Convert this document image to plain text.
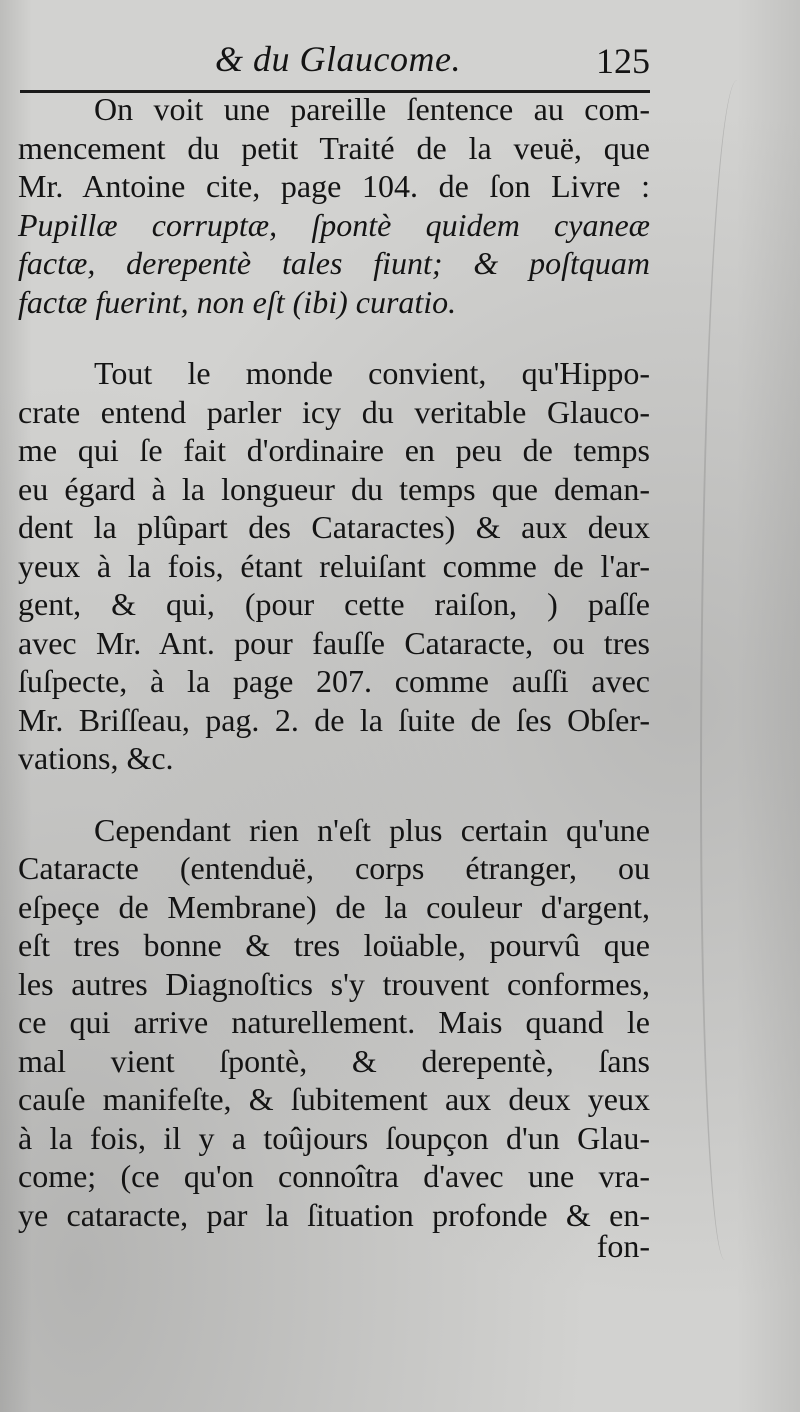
& du Glaucome.	125
On voit une pareille ſentence au com-
mencement du petit Traité de la veuë, que
Mr. Antoine cite, page 104. de ſon Livre :
Pupillæ corruptæ, ſpontè quidem cyaneæ
factæ, derepentè tales fiunt; & poſtquam
factæ fuerint, non eſt (ibi) curatio.
Tout le monde convient, qu'Hippo-
crate entend parler icy du veritable Glauco-
me qui ſe fait d'ordinaire en peu de temps
eu égard à la longueur du temps que deman-
dent la plûpart des Cataractes) & aux deux
yeux à la fois, étant reluiſant comme de l'ar-
gent, & qui, (pour cette raiſon, ) paſſe
avec Mr. Ant. pour fauſſe Cataracte, ou tres
ſuſpecte, à la page 207. comme auſſi avec
Mr. Briſſeau, pag. 2. de la ſuite de ſes Obſer-
vations, &c.
Cependant rien n'eſt plus certain qu'une
Cataracte (entenduë, corps étranger, ou
eſpeçe de Membrane) de la couleur d'argent,
eſt tres bonne & tres loüable, pourvû que
les autres Diagnoſtics s'y trouvent conformes,
ce qui arrive naturellement. Mais quand le
mal vient ſpontè, & derepentè, ſans
cauſe manifeſte, & ſubitement aux deux yeux
à la fois, il y a toûjours ſoupçon d'un Glau-
come; (ce qu'on connoîtra d'avec une vra-
ye cataracte, par la ſituation profonde & en-
fon-
